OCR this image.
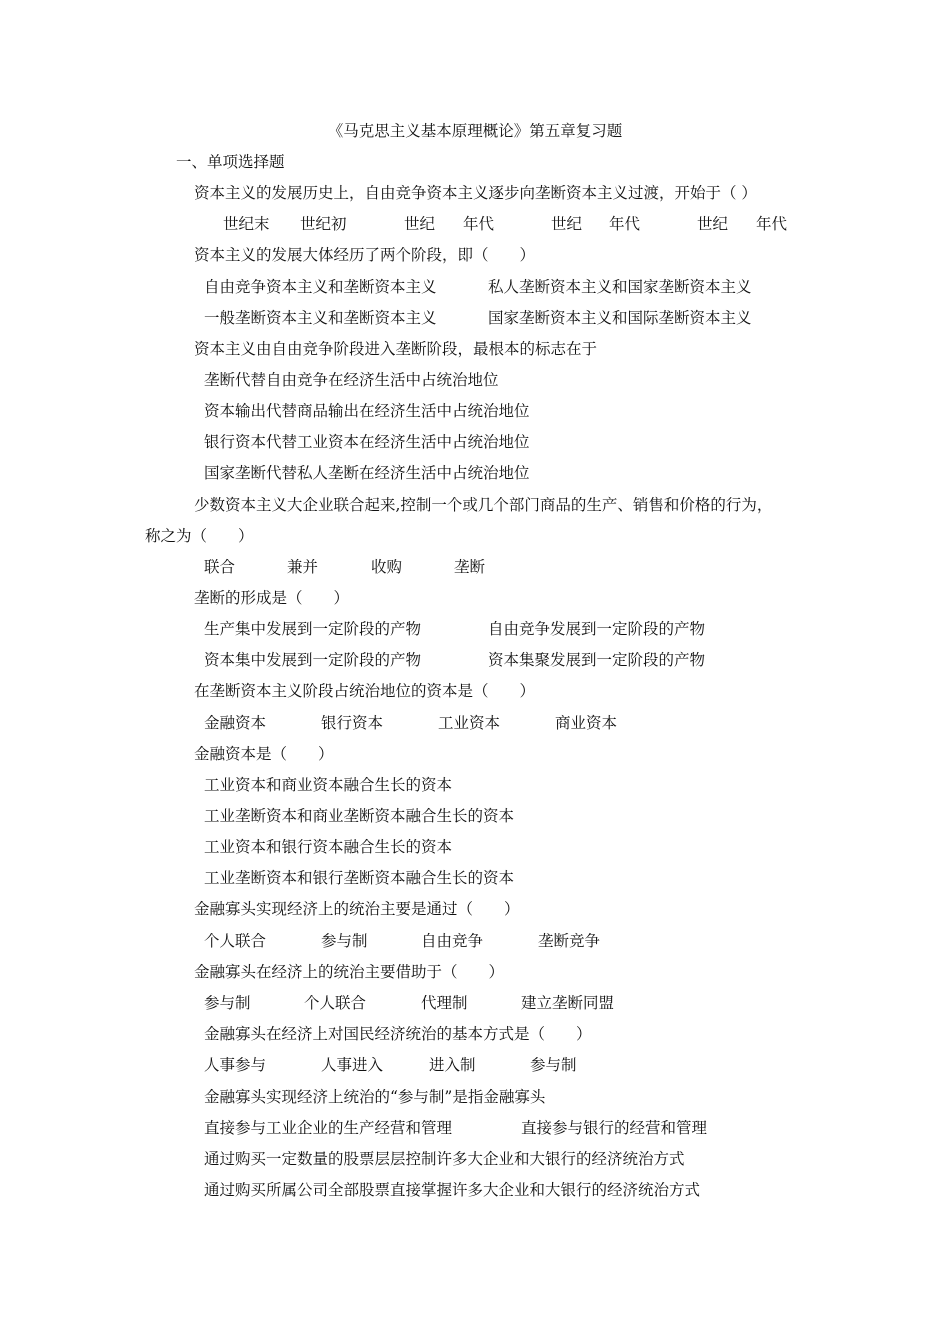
《马克思主义基本原理概论》第五章复习题
一、单项选择题
资本主义的发展历史上，自由竞争资本主义逐步向垄断资本主义过渡，开始于（ ）
世纪末 世纪初	世纪 年代	世纪 年代	世纪 年代
资本主义的发展大体经历了两个阶段，即（　　）
自由竞争资本主义和垄断资本主义	私人垄断资本主义和国家垄断资本主义
一般垄断资本主义和垄断资本主义	国家垄断资本主义和国际垄断资本主义
资本主义由自由竞争阶段进入垄断阶段，最根本的标志在于
垄断代替自由竞争在经济生活中占统治地位
资本输出代替商品输出在经济生活中占统治地位
银行资本代替工业资本在经济生活中占统治地位
国家垄断代替私人垄断在经济生活中占统治地位
少数资本主义大企业联合起来,控制一个或几个部门商品的生产、销售和价格的行为，
称之为（　　）
联合	兼并	收购	垄断
垄断的形成是（　　）
生产集中发展到一定阶段的产物	自由竞争发展到一定阶段的产物
资本集中发展到一定阶段的产物	资本集聚发展到一定阶段的产物
在垄断资本主义阶段占统治地位的资本是（　　）
金融资本	银行资本	工业资本	商业资本
金融资本是（　　）
工业资本和商业资本融合生长的资本
工业垄断资本和商业垄断资本融合生长的资本
工业资本和银行资本融合生长的资本
工业垄断资本和银行垄断资本融合生长的资本
金融寡头实现经济上的统治主要是通过（　　）
个人联合	参与制	自由竞争	垄断竞争
金融寡头在经济上的统治主要借助于（　　）
参与制	个人联合	代理制	建立垄断同盟
金融寡头在经济上对国民经济统治的基本方式是（　　）
人事参与	人事进入	进入制	参与制
金融寡头实现经济上统治的“参与制”是指金融寡头
直接参与工业企业的生产经营和管理	直接参与银行的经营和管理
通过购买一定数量的股票层层控制许多大企业和大银行的经济统治方式
通过购买所属公司全部股票直接掌握许多大企业和大银行的经济统治方式
